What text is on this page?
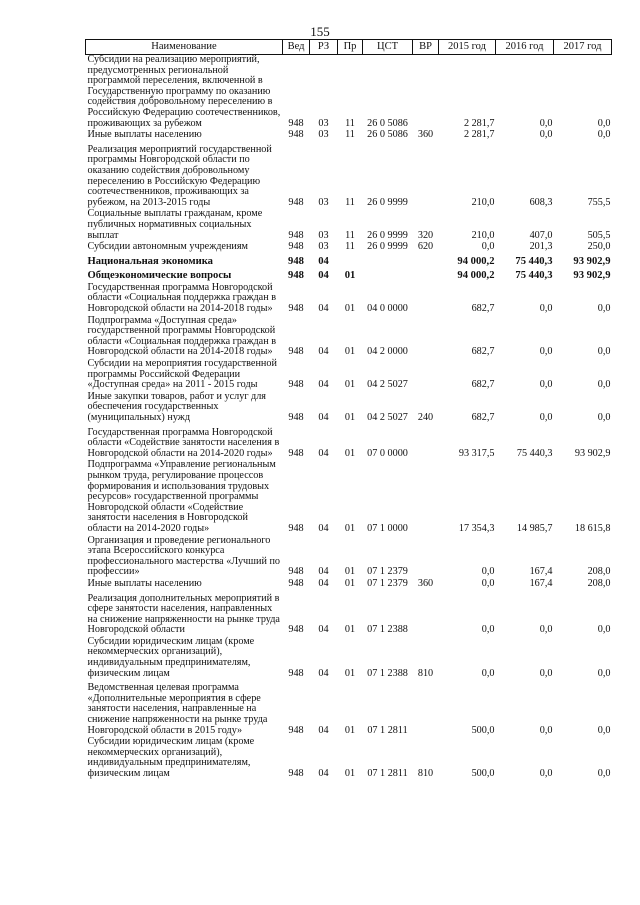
155
Наименование	Вед	РЗ	Пр	ЦСТ	ВР	2015 год	2016 год	2017 год
Субсидии на реализацию мероприятий, предусмотренных региональной программой переселения, включенной в Государственную программу по оказанию содействия добровольному переселению в Российскую Федерацию соотечественников, проживающих за рубежом	948	03	11	26 0 5086		2 281,7	0,0	0,0
Иные выплаты населению	948	03	11	26 0 5086	360	2 281,7	0,0	0,0
Реализация мероприятий государственной программы Новгородской области по оказанию содействия добровольному переселению в Российскую Федерацию соотечественников, проживающих за рубежом, на 2013-2015 годы	948	03	11	26 0 9999		210,0	608,3	755,5
Социальные выплаты гражданам, кроме публичных нормативных социальных выплат	948	03	11	26 0 9999	320	210,0	407,0	505,5
Субсидии автономным учреждениям	948	03	11	26 0 9999	620	0,0	201,3	250,0
Национальная экономика	948	04				94 000,2	75 440,3	93 902,9
Общеэкономические вопросы	948	04	01			94 000,2	75 440,3	93 902,9
Государственная программа Новгородской области «Социальная поддержка граждан в Новгородской области на 2014-2018 годы»	948	04	01	04 0 0000		682,7	0,0	0,0
Подпрограмма «Доступная среда» государственной программы Новгородской области «Социальная поддержка граждан в Новгородской области на 2014-2018 годы»	948	04	01	04 2 0000		682,7	0,0	0,0
Субсидии на мероприятия государственной программы Российской Федерации «Доступная среда» на 2011 - 2015 годы	948	04	01	04 2 5027		682,7	0,0	0,0
Иные закупки товаров, работ и услуг для обеспечения государственных (муниципальных) нужд	948	04	01	04 2 5027	240	682,7	0,0	0,0
Государственная программа Новгородской области «Содействие занятости населения в Новгородской области на 2014-2020 годы»	948	04	01	07 0 0000		93 317,5	75 440,3	93 902,9
Подпрограмма «Управление региональным рынком труда, регулирование процессов формирования и использования трудовых ресурсов» государственной программы Новгородской области «Содействие занятости населения в Новгородской области на 2014-2020 годы»	948	04	01	07 1 0000		17 354,3	14 985,7	18 615,8
Организация и проведение регионального этапа Всероссийского конкурса профессионального мастерства «Лучший по профессии»	948	04	01	07 1 2379		0,0	167,4	208,0
Иные выплаты населению	948	04	01	07 1 2379	360	0,0	167,4	208,0
Реализация дополнительных мероприятий в сфере занятости населения, направленных на снижение напряженности на рынке труда Новгородской области	948	04	01	07 1 2388		0,0	0,0	0,0
Субсидии юридическим лицам (кроме некоммерческих организаций), индивидуальным предпринимателям, физическим лицам	948	04	01	07 1 2388	810	0,0	0,0	0,0
Ведомственная целевая программа «Дополнительные мероприятия в сфере занятости населения, направленные на снижение напряженности на рынке труда Новгородской области в 2015 году»	948	04	01	07 1 2811		500,0	0,0	0,0
Субсидии юридическим лицам (кроме некоммерческих организаций), индивидуальным предпринимателям, физическим лицам	948	04	01	07 1 2811	810	500,0	0,0	0,0
